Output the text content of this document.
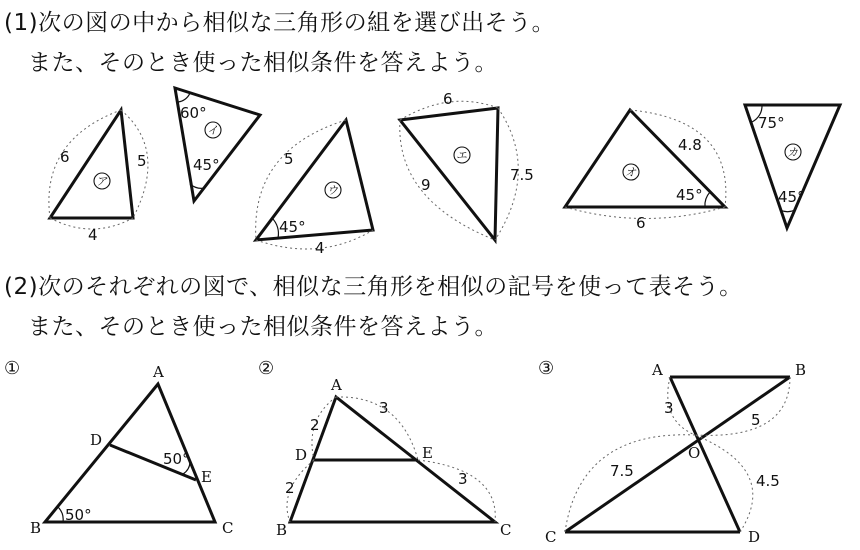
(1)次の図の中から相似な三角形の組を選び出そう。
また、そのとき使った相似条件を答えよう。
(2)次のそれぞれの図で、相似な三角形を相似の記号を使って表そう。
また、そのとき使った相似条件を答えよう。
6	5
4
ア
60°
45°
イ
5
4
45°
ウ
6
9
7.5
エ
4.8
6
45°
オ
75°
45°
カ
①	A
D
E
B	C
50°
50°
②
A
D	E
B	C
2
2
3
3
③	A	B
O
C	D
3
5
7.5
4.5
